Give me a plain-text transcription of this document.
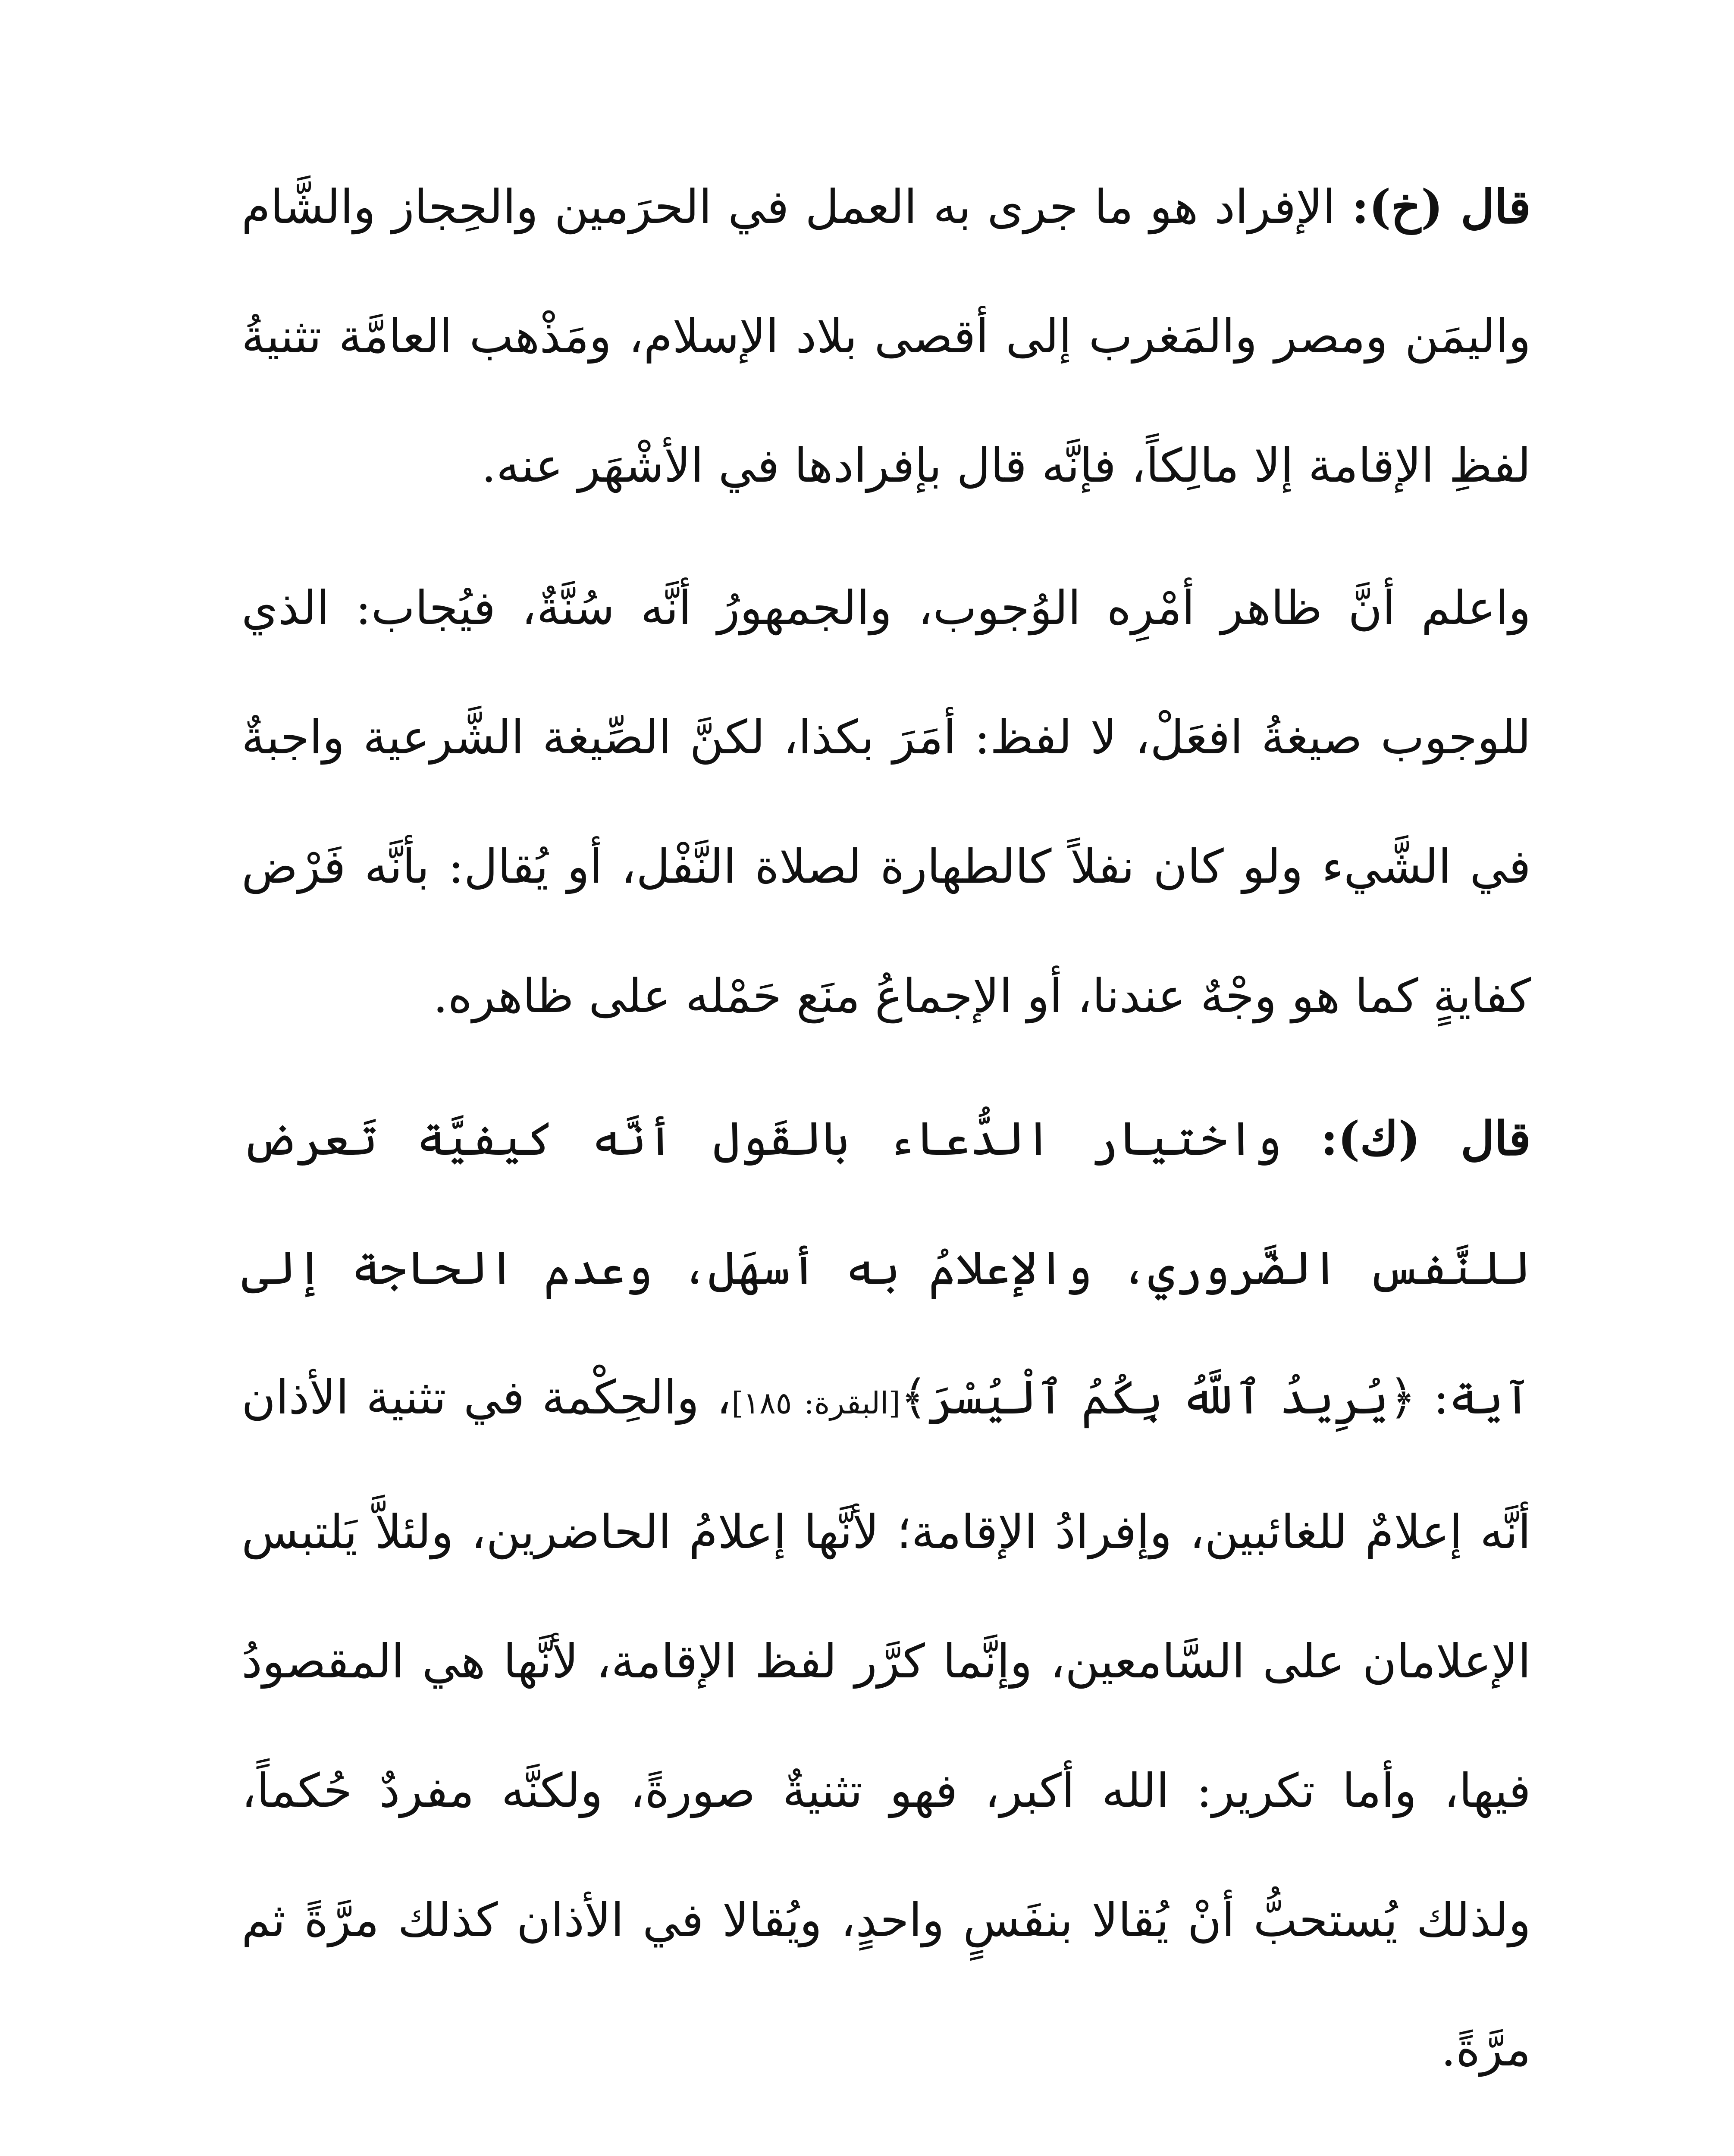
قال (خ): الإفراد هو ما جرى به العمل في الحرَمين والحِجاز والشَّام واليمَن ومصر والمَغرب إلى أقصى بلاد الإسلام، ومَذْهب العامَّة تثنيةُ لفظِ الإقامة إلا مالِكاً، فإنَّه قال بإفرادها في الأشْهَر عنه.

واعلم أنَّ ظاهر أمْرِه الوُجوب، والجمهورُ أنَّه سُنَّةٌ، فيُجاب: الذي للوجوب صيغةُ افعَلْ، لا لفظ: أمَرَ بكذا، لكنَّ الصِّيغة الشَّرعية واجبةٌ في الشَّيء ولو كان نفلاً كالطهارة لصلاة النَّفْل، أو يُقال: بأنَّه فَرْض كفايةٍ كما هو وجْهٌ عندنا، أو الإجماعُ منَع حَمْله على ظاهره.

قال (ك): واختيار الدُّعاء بالقَول أنَّه كيفيَّة تَعرض للنَّفس الضَّروري، والإعلامُ به أسهَل، وعدم الحاجة إلى آية: ﴿يُرِيدُ ٱللَّهُ بِكُمُ ٱلْيُسْرَ﴾[البقرة: ١٨٥]، والحِكْمة في تثنية الأذان أنَّه إعلامٌ للغائبين، وإفرادُ الإقامة؛ لأنَّها إعلامُ الحاضرين، ولئلاَّ يَلتبس الإعلامان على السَّامعين، وإنَّما كرَّر لفظ الإقامة، لأنَّها هي المقصودُ فيها، وأما تكرير: الله أكبر، فهو تثنيةٌ صورةً، ولكنَّه مفردٌ حُكماً، ولذلك يُستحبُّ أنْ يُقالا بنفَسٍ واحدٍ، ويُقالا في الأذان كذلك مرَّةً ثم مرَّةً.
